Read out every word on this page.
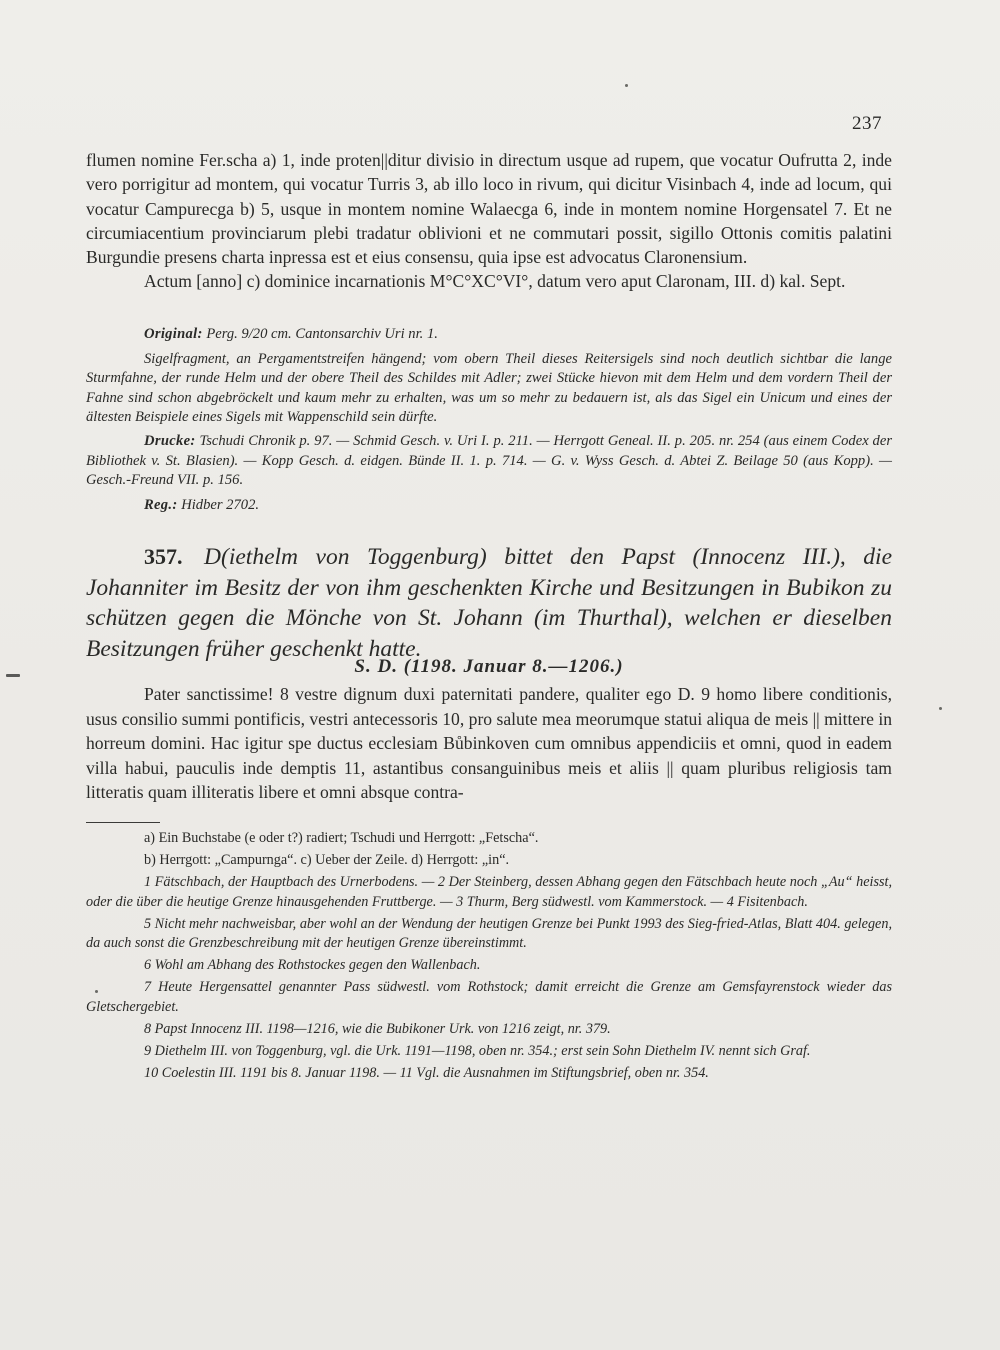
237

flumen nomine Fer.scha a) 1, inde proten||ditur divisio in directum usque ad rupem, que vocatur Oufrutta 2, inde vero porrigitur ad montem, qui vocatur Turris 3, ab illo loco in rivum, qui dicitur Visinbach 4, inde ad locum, qui vocatur Campurecga b) 5, usque in montem nomine Walaecga 6, inde in montem nomine Horgensatel 7. Et ne circumiacentium provinciarum plebi tradatur oblivioni et ne commutari possit, sigillo Ottonis comitis palatini Burgundie presens charta inpressa est et eius consensu, quia ipse est advocatus Claronensium.

Actum [anno] c) dominice incarnationis M°C°XC°VI°, datum vero aput Claronam, III. d) kal. Sept.

Original: Perg. 9/20 cm. Cantonsarchiv Uri nr. 1.

Sigelfragment, an Pergamentstreifen hängend; vom obern Theil dieses Reitersigels sind noch deutlich sichtbar die lange Sturmfahne, der runde Helm und der obere Theil des Schildes mit Adler; zwei Stücke hievon mit dem Helm und dem vordern Theil der Fahne sind schon abgebröckelt und kaum mehr zu erhalten, was um so mehr zu bedauern ist, als das Sigel ein Unicum und eines der ältesten Beispiele eines Sigels mit Wappenschild sein dürfte.

Drucke: Tschudi Chronik p. 97. — Schmid Gesch. v. Uri I. p. 211. — Herrgott Geneal. II. p. 205. nr. 254 (aus einem Codex der Bibliothek v. St. Blasien). — Kopp Gesch. d. eidgen. Bünde II. 1. p. 714. — G. v. Wyss Gesch. d. Abtei Z. Beilage 50 (aus Kopp). — Gesch.-Freund VII. p. 156.

Reg.: Hidber 2702.

357. D(iethelm von Toggenburg) bittet den Papst (Innocenz III.), die Johanniter im Besitz der von ihm geschenkten Kirche und Besitzungen in Bubikon zu schützen gegen die Mönche von St. Johann (im Thurthal), welchen er dieselben Besitzungen früher geschenkt hatte.

S. D. (1198. Januar 8.—1206.)

Pater sanctissime! 8 vestre dignum duxi paternitati pandere, qualiter ego D. 9 homo libere conditionis, usus consilio summi pontificis, vestri antecessoris 10, pro salute mea meorumque statui aliqua de meis || mittere in horreum domini. Hac igitur spe ductus ecclesiam Bůbinkoven cum omnibus appendiciis et omni, quod in eadem villa habui, pauculis inde demptis 11, astantibus consanguinibus meis et aliis || quam pluribus religiosis tam litteratis quam illiteratis libere et omni absque contra-

a) Ein Buchstabe (e oder t?) radiert; Tschudi und Herrgott: „Fetscha“.

b) Herrgott: „Campurnga“. c) Ueber der Zeile. d) Herrgott: „in“.

1 Fätschbach, der Hauptbach des Urnerbodens. — 2 Der Steinberg, dessen Abhang gegen den Fätschbach heute noch „Au“ heisst, oder die über die heutige Grenze hinausgehenden Fruttberge. — 3 Thurm, Berg südwestl. vom Kammerstock. — 4 Fisitenbach.

5 Nicht mehr nachweisbar, aber wohl an der Wendung der heutigen Grenze bei Punkt 1993 des Sieg-fried-Atlas, Blatt 404. gelegen, da auch sonst die Grenzbeschreibung mit der heutigen Grenze übereinstimmt.

6 Wohl am Abhang des Rothstockes gegen den Wallenbach.

7 Heute Hergensattel genannter Pass südwestl. vom Rothstock; damit erreicht die Grenze am Gemsfayrenstock wieder das Gletschergebiet.

8 Papst Innocenz III. 1198—1216, wie die Bubikoner Urk. von 1216 zeigt, nr. 379.

9 Diethelm III. von Toggenburg, vgl. die Urk. 1191—1198, oben nr. 354.; erst sein Sohn Diethelm IV. nennt sich Graf.

10 Coelestin III. 1191 bis 8. Januar 1198. — 11 Vgl. die Ausnahmen im Stiftungsbrief, oben nr. 354.
